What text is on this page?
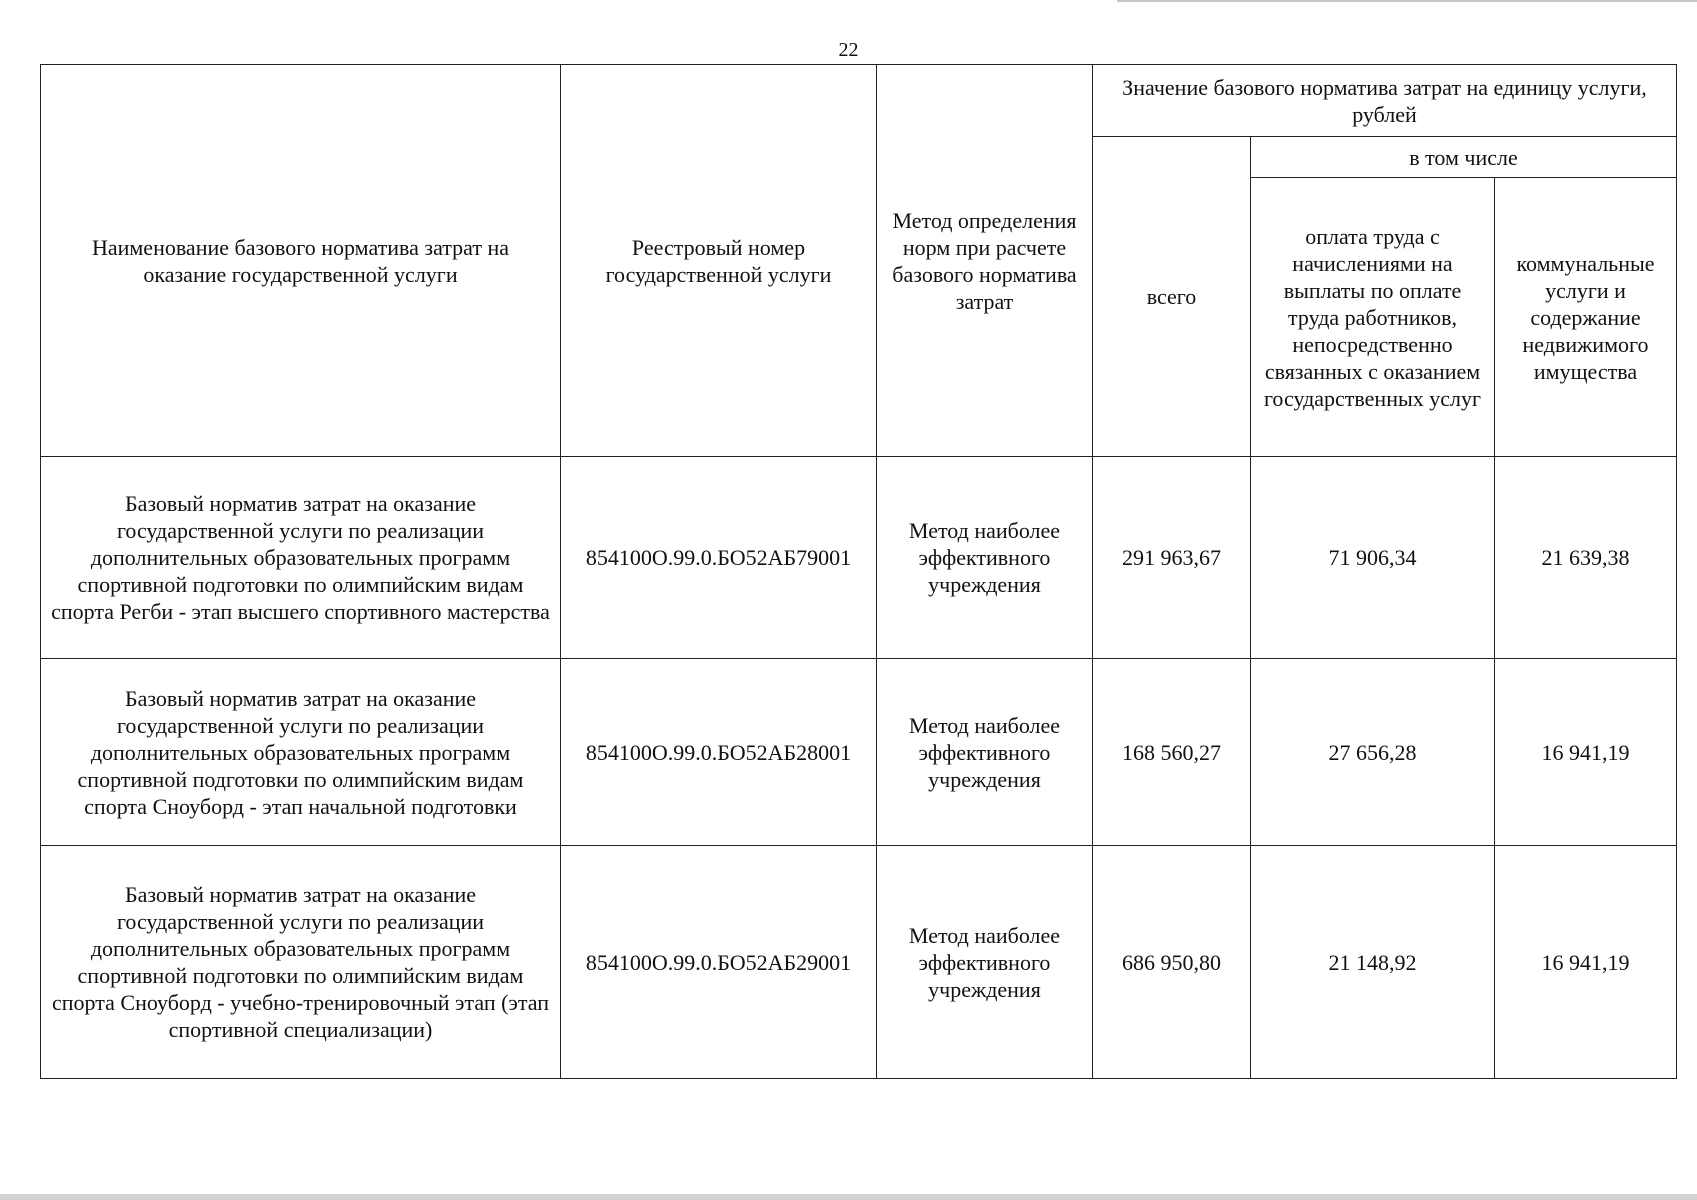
22
Наименование базового норматива затрат на оказание государственной услуги	Реестровый номер государственной услуги	Метод определения норм при расчете базового норматива затрат	Значение базового норматива затрат на единицу услуги, рублей		
			всего	в том числе	
				оплата труда с начислениями на выплаты по оплате труда работников, непосредственно связанных с оказанием государственных услуг	коммунальные услуги и содержание недвижимого имущества
Базовый норматив затрат на оказание государственной услуги по реализации дополнительных образовательных программ спортивной подготовки по олимпийским видам спорта Регби - этап высшего спортивного мастерства	854100О.99.0.БО52АБ79001	Метод наиболее эффективного учреждения	291 963,67	71 906,34	21 639,38
Базовый норматив затрат на оказание государственной услуги по реализации дополнительных образовательных программ спортивной подготовки по олимпийским видам спорта Сноуборд - этап начальной подготовки	854100О.99.0.БО52АБ28001	Метод наиболее эффективного учреждения	168 560,27	27 656,28	16 941,19
Базовый норматив затрат на оказание государственной услуги по реализации дополнительных образовательных программ спортивной подготовки по олимпийским видам спорта Сноуборд - учебно-тренировочный этап (этап спортивной специализации)	854100О.99.0.БО52АБ29001	Метод наиболее эффективного учреждения	686 950,80	21 148,92	16 941,19
